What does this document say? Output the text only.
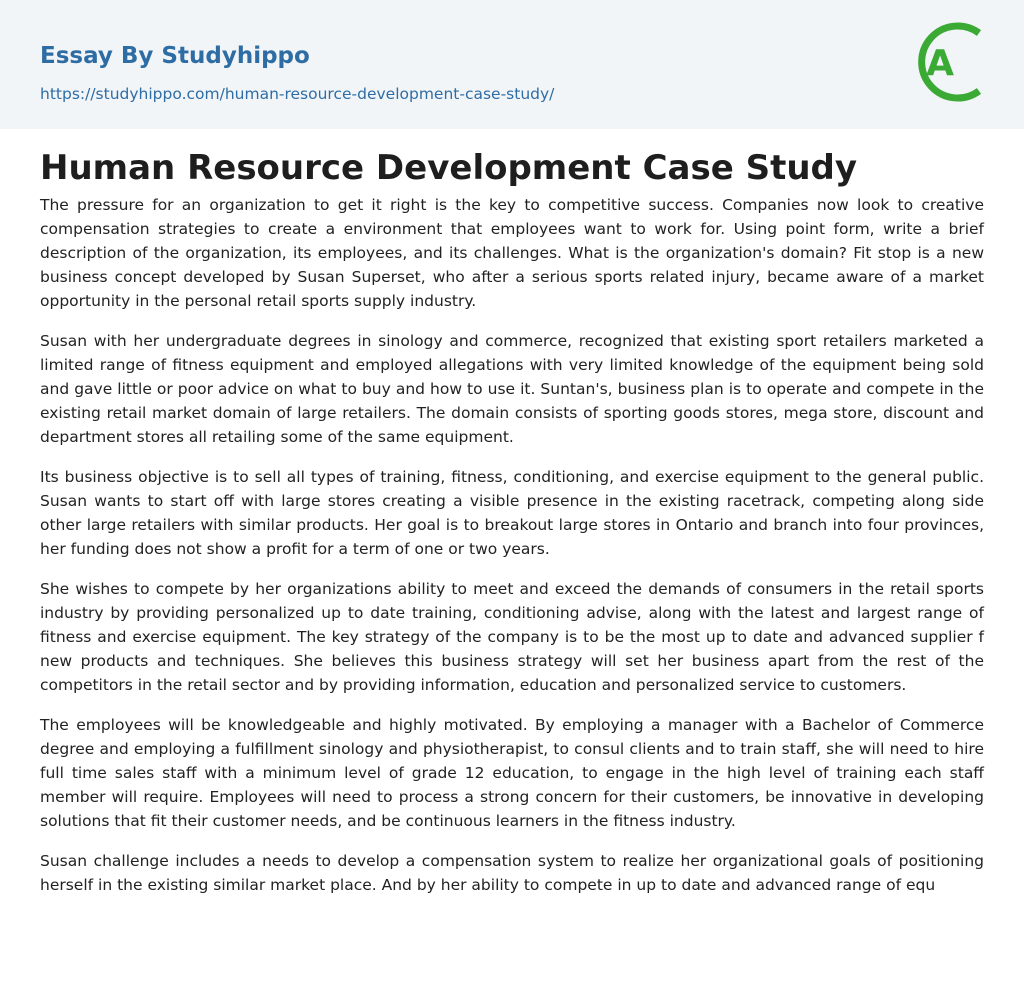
Essay By Studyhippo
https://studyhippo.com/human-resource-development-case-study/
A
Human Resource Development Case Study

The pressure for an organization to get it right is the key to competitive success. Companies now look to creative compensation strategies to create a environment that employees want to work for. Using point form, write a brief description of the organization, its employees, and its challenges. What is the organization's domain? Fit stop is a new business concept developed by Susan Superset, who after a serious sports related injury, became aware of a market opportunity in the personal retail sports supply industry.

Susan with her undergraduate degrees in sinology and commerce, recognized that existing sport retailers marketed a limited range of fitness equipment and employed allegations with very limited knowledge of the equipment being sold and gave little or poor advice on what to buy and how to use it. Suntan's, business plan is to operate and compete in the existing retail market domain of large retailers. The domain consists of sporting goods stores, mega store, discount and department stores all retailing some of the same equipment.

Its business objective is to sell all types of training, fitness, conditioning, and exercise equipment to the general public. Susan wants to start off with large stores creating a visible presence in the existing racetrack, competing along side other large retailers with similar products. Her goal is to breakout large stores in Ontario and branch into four provinces, her funding does not show a profit for a term of one or two years.

She wishes to compete by her organizations ability to meet and exceed the demands of consumers in the retail sports industry by providing personalized up to date training, conditioning advise, along with the latest and largest range of fitness and exercise equipment. The key strategy of the company is to be the most up to date and advanced supplier f new products and techniques. She believes this business strategy will set her business apart from the rest of the competitors in the retail sector and by providing information, education and personalized service to customers.

The employees will be knowledgeable and highly motivated. By employing a manager with a Bachelor of Commerce degree and employing a fulfillment sinology and physiotherapist, to consul clients and to train staff, she will need to hire full time sales staff with a minimum level of grade 12 education, to engage in the high level of training each staff member will require. Employees will need to process a strong concern for their customers, be innovative in developing solutions that fit their customer needs, and be continuous learners in the fitness industry.

Susan challenge includes a needs to develop a compensation system to realize her organizational goals of positioning herself in the existing similar market place. And by her ability to compete in up to date and advanced range of equ
